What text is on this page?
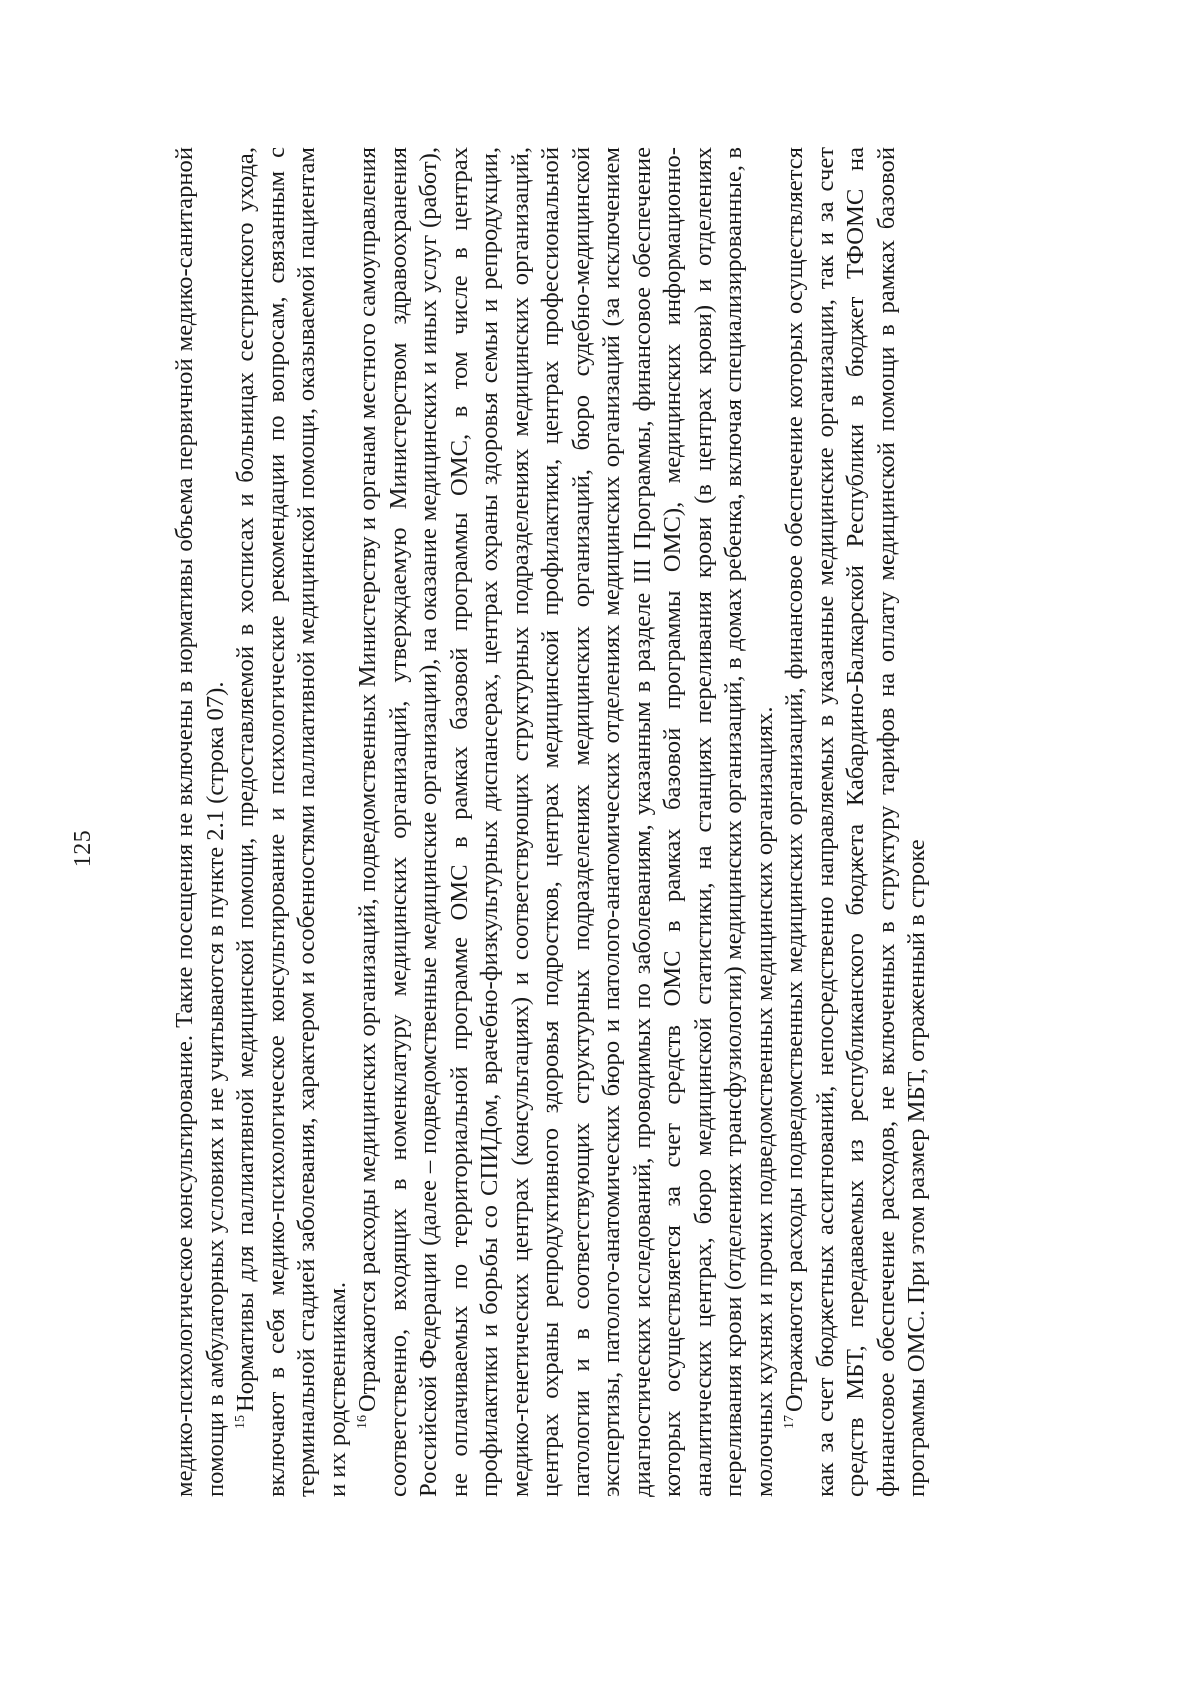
125	медико-психологическое консультирование. Такие посещения не включены в нормативы объема первичной медико-санитарной помощи в амбулаторных условиях и не учитываются в пункте 2.1 (строка 07). $^{15}$Нормативы для паллиативной медицинской помощи, предоставляемой в хосписах и больницах сестринского ухода, включают в себя медико-психологическое консультирование и психологические рекомендации по вопросам, связанным с терминальной стадией заболевания, характером и особенностями паллиативной медицинской помощи, оказываемой пациентам и их родственникам. $^{16}$Отражаются расходы медицинских организаций, подведомственных Министерству и органам местного самоуправления соответственно, входящих в номенклатуру медицинских организаций, утверждаемую Министерством здравоохранения Российской Федерации (далее – подведомственные медицинские организации), на оказание медицинских и иных услуг (работ), не оплачиваемых по территориальной программе ОМС в рамках базовой программы ОМС, в том числе в центрах профилактики и борьбы со СПИДом, врачебно-физкультурных диспансерах, центрах охраны здоровья семьи и репродукции, медико-генетических центрах (консультациях) и соответствующих структурных подразделениях медицинских организаций, центрах охраны репродуктивного здоровья подростков, центрах медицинской профилактики, центрах профессиональной патологии и в соответствующих структурных подразделениях медицинских организаций, бюро судебно-медицинской экспертизы, патолого-анатомических бюро и патолого-анатомических отделениях медицинских организаций (за исключением диагностических исследований, проводимых по заболеваниям, указанным в разделе III Программы, финансовое обеспечение которых осуществляется за счет средств ОМС в рамках базовой программы ОМС), медицинских информационно-аналитических центрах, бюро медицинской статистики, на станциях переливания крови (в центрах крови) и отделениях переливания крови (отделениях трансфузиологии) медицинских организаций, в домах ребенка, включая специализированные, в молочных кухнях и прочих подведомственных медицинских организациях. $^{17}$Отражаются расходы подведомственных медицинских организаций, финансовое обеспечение которых осуществляется как за счет бюджетных ассигнований, непосредственно направляемых в указанные медицинские организации, так и за счет средств МБТ, передаваемых из республиканского бюджета Кабардино-Балкарской Республики в бюджет ТФОМС на финансовое обеспечение расходов, не включенных в структуру тарифов на оплату медицинской помощи в рамках базовой программы ОМС. При этом размер МБТ, отраженный в строке
